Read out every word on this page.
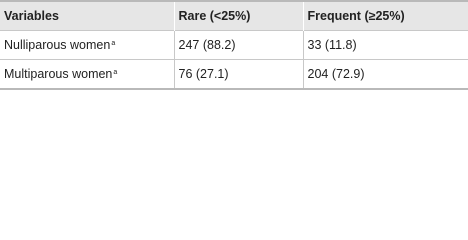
Variables	Rare (<25%)	Frequent (≥25%)
Nulliparous women$^a$	247 (88.2)	33 (11.8)
Multiparous women$^a$	76 (27.1)	204 (72.9)
